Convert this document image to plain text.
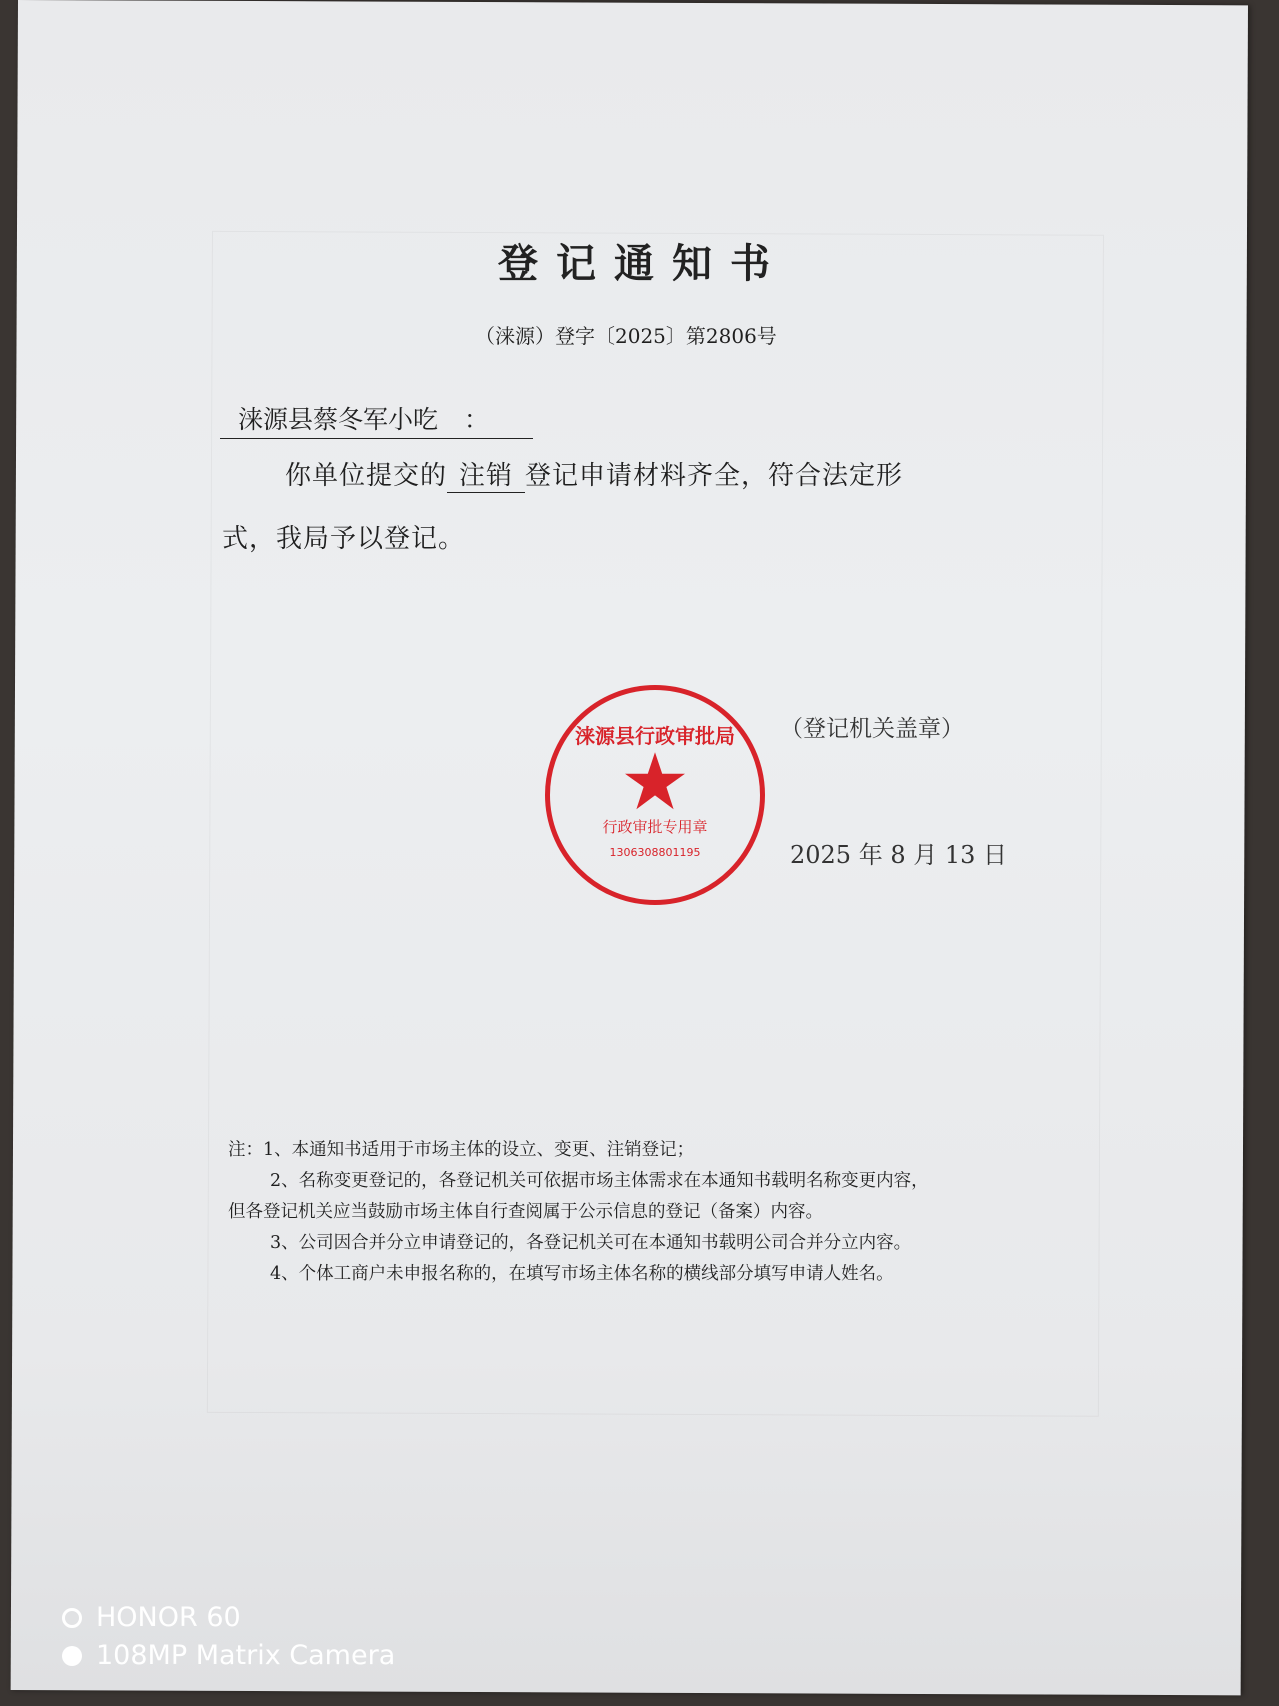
登记通知书
（涞源）登字〔2025〕第2806号
涞源县蔡冬军小吃 ：
你单位提交的 注销 登记申请材料齐全，符合法定形
式，我局予以登记。
（登记机关盖章）
2025 年 8 月 13 日
涞源县行政审批局
行政审批专用章
1306308801195
注：1、本通知书适用于市场主体的设立、变更、注销登记；
2、名称变更登记的，各登记机关可依据市场主体需求在本通知书载明名称变更内容，
但各登记机关应当鼓励市场主体自行查阅属于公示信息的登记（备案）内容。
3、公司因合并分立申请登记的，各登记机关可在本通知书载明公司合并分立内容。
4、个体工商户未申报名称的，在填写市场主体名称的横线部分填写申请人姓名。
HONOR 60
108MP Matrix Camera
